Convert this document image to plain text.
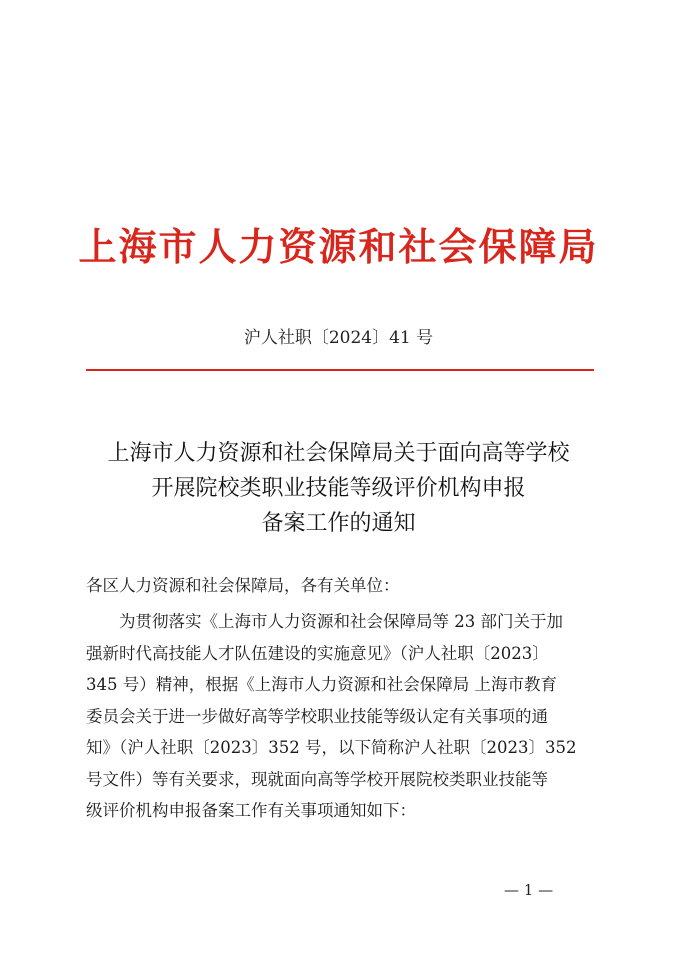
上海市人力资源和社会保障局
沪人社职〔2024〕41 号
上海市人力资源和社会保障局关于面向高等学校
开展院校类职业技能等级评价机构申报
备案工作的通知
各区人力资源和社会保障局，各有关单位：
　　为贯彻落实《上海市人力资源和社会保障局等 23 部门关于加
强新时代高技能人才队伍建设的实施意见》（沪人社职〔2023〕
345 号）精神，根据《上海市人力资源和社会保障局 上海市教育
委员会关于进一步做好高等学校职业技能等级认定有关事项的通
知》（沪人社职〔2023〕352 号，以下简称沪人社职〔2023〕352
号文件）等有关要求，现就面向高等学校开展院校类职业技能等
级评价机构申报备案工作有关事项通知如下：
— 1 —
